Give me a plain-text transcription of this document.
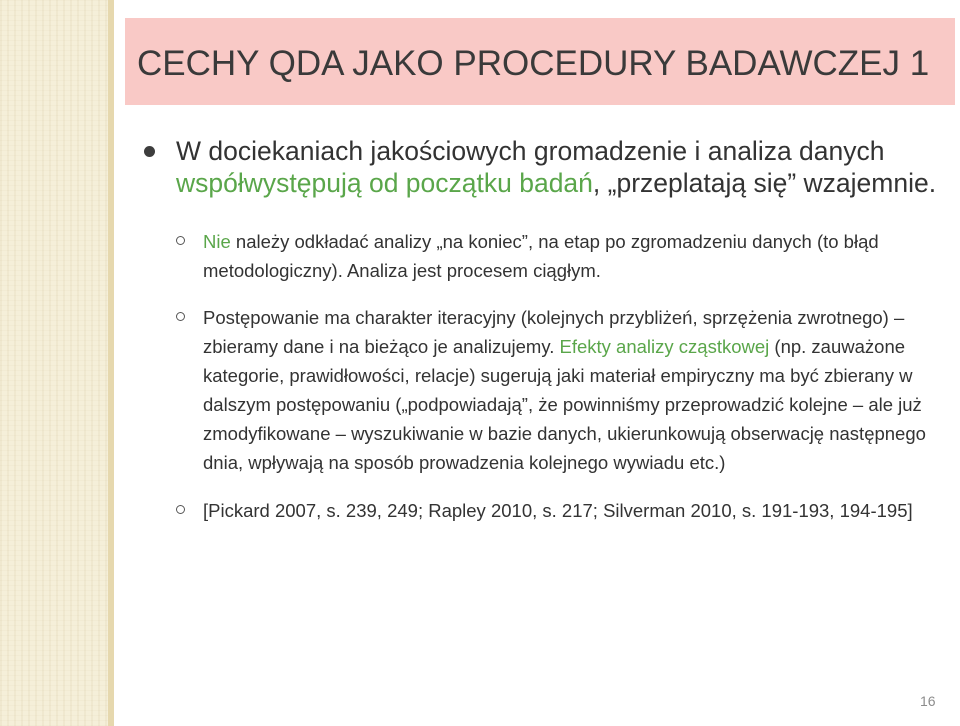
CECHY QDA JAKO PROCEDURY BADAWCZEJ 1
W dociekaniach jakościowych gromadzenie i analiza danych współwystępują od początku badań, „przeplatają się” wzajemnie.
Nie należy odkładać analizy „na koniec”, na etap po zgromadzeniu danych (to błąd metodologiczny). Analiza jest procesem ciągłym.
Postępowanie ma charakter iteracyjny (kolejnych przybliżeń, sprzężenia zwrotnego) – zbieramy dane i na bieżąco je analizujemy. Efekty analizy cząstkowej (np. zauważone kategorie, prawidłowości, relacje) sugerują jaki materiał empiryczny ma być zbierany w dalszym postępowaniu („podpowiadają”, że powinniśmy przeprowadzić kolejne – ale już zmodyfikowane – wyszukiwanie w bazie danych, ukierunkowują obserwację następnego dnia, wpływają na sposób prowadzenia kolejnego wywiadu etc.)
[Pickard 2007, s. 239, 249; Rapley 2010, s. 217; Silverman 2010, s. 191-193, 194-195]
16
